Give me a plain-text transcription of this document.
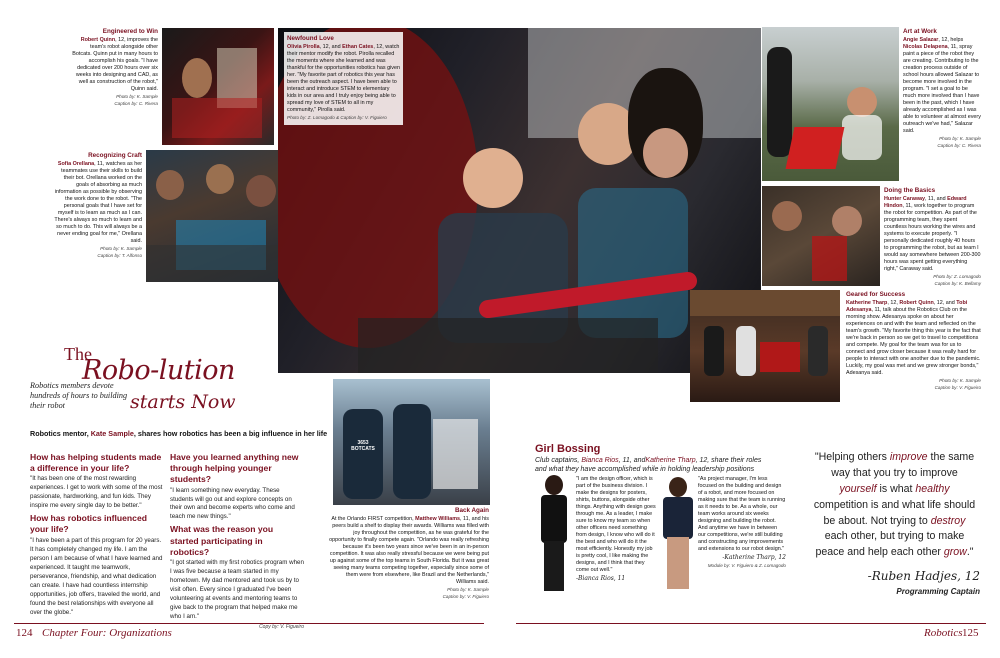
Newfound Love
Olivia Pirolla, 12, and Ethan Cates, 12, watch their mentor modify the robot. Pirolla recalled the moments where she learned and was thankful for the opportunities robotics has given her. "My favorite part of robotics this year has been the outreach aspect. I have been able to interact and introduce STEM to elementary kids in our area and I truly enjoy being able to spread my love of STEM to all in my community," Pirolla said.
Photo by: Z. Lomagodo & Caption by: V. Figuiero
3653 BOTCATS
Engineered to Win
Robert Quinn, 12, improves the team's robot alongside other Botcats. Quinn put in many hours to accomplish his goals. "I have dedicated over 200 hours over six weeks into designing and CAD, as well as construction of the robot," Quinn said.
Photo by: K. Sample
Caption by: C. Rivera
Recognizing Craft
Sofia Orellana, 11, watches as her teammates use their skills to build their bot. Orellana worked on the goals of absorbing as much information as possible by observing the work done to the robot. "The personal goals that I have set for myself is to learn as much as I can. There's always so much to learn and so much to do. This will always be a never ending goal for me," Orellana said.
Photo by: K. Sample
Caption by: T. Alfonso
Art at Work
Angie Salazar, 12, helps Nicolas Delapena, 11, spray paint a piece of the robot they are creating. Contributing to the creation process outside of school hours allowed Salazar to become more involved in the program. "I set a goal to be much more involved than I have been in the past, which I have already accomplished as I was able to volunteer at almost every outreach we've had," Salazar said.
Photo by: K. Sample
Caption by: C. Rivera
Doing the Basics
Hunter Caraway, 11, and Edward Hindon, 11, work together to program the robot for competition. As part of the programming team, they spent countless hours working the wires and systems to execute properly. "I personally dedicated roughly 40 hours to programming the robot, but as team I would say somewhere between 200-300 hours was spent getting everything right," Caraway said.
Photo by: Z. Lomagodo
Caption by: K. Bellamy
Geared for Success
Katherine Tharp, 12, Robert Quinn, 12, and Tobi Adesanya, 11, talk about the Robotics Club on the morning show. Adesanya spoke on about her experiences on and with the team and reflected on the team's growth. "My favorite thing this year is the fact that we're back in person so we get to travel to competitions and compete. My goal for the team was for us to connect and grow closer because it was really hard for people to interact with one another due to the pandemic. Luckily, my goal was met and we grew stronger bonds," Adesanya said.
Photo by: K. Sample
Caption by: V. Figueiro
Back Again
At the Orlando FIRST competition, Matthew Williams, 11, and his peers build a shelf to display their awards. Williams was filled with joy throughout the competition, as he was grateful for the opportunity to finally compete again. "Orlando was really refreshing because it's been two years since we've been in an in-person competition. It was also really stressful because we were being put up against some of the top teams in South Florida. But it was great seeing many teams competing together, especially since some of them were from elsewhere, like Brazil and the Netherlands," Williams said.
Photo by: K. Sample
Caption by: V. Figuiero
The
Robo-lution
starts Now
Robotics members devote hundreds of hours to building their robot
Robotics mentor, Kate Sample, shares how robotics has been a big influence in her life
How has helping students made a difference in your life?
"It has been one of the most rewarding experiences. I get to work with some of the most passionate, hardworking, and fun kids. They inspire me every single day to be better."
How has robotics influenced your life?
"I have been a part of this program for 20 years. It has completely changed my life. I am the person I am because of what I have learned and experienced. It taught me teamwork, perseverance, friendship, and what dedication can create. I have had countless internship opportunities, job offers, traveled the world, and found the best relationships with everyone all over the globe."
Have you learned anything new through helping younger students?
"I learn something new everyday. These students will go out and explore concepts on their own and become experts who come and teach me new things."
What was the reason you started participating in robotics?
"I got started with my first robotics program when I was five because a team started in my hometown. My dad mentored and took us by to visit often. Every since I graduated I've been volunteering at events and mentoring teams to give back to the program that helped make me who I am."
Copy by: V. Figueiro
Girl Bossing
Club captains, Bianca Rios, 11, andKatherine Tharp, 12, share their roles and what they have accomplished while in holding leadership positions
"I am the design officer, which is part of the business division. I make the designs for posters, shirts, buttons, alongside other things. Anything with design goes through me. As a leader, I make sure to know my team so when other officers need something from design, I know who will do it the best and who will do it the most efficiently. Honestly my job is pretty cool, I like making the designs, and I think that they come out well."
-Bianca Rios, 11
"As project manager, I'm less focused on the building and design of a robot, and more focused on making sure that the team is running as it needs to be. As a whole, our team works around six weeks designing and building the robot. And anytime we have in between our competitions, we're still building and constructing any improvements and extensions to our robot design."
-Katherine Tharp, 12
Module by: V. Figuiero & Z. Lomagodo
"Helping others improve the same way that you try to improve yourself is what healthy competition is and what life should be about. Not trying to destroy each other, but trying to make peace and help each other grow."
-Ruben Hadjes, 12
Programming Captain
124 Chapter Four: Organizations	Robotics 125
